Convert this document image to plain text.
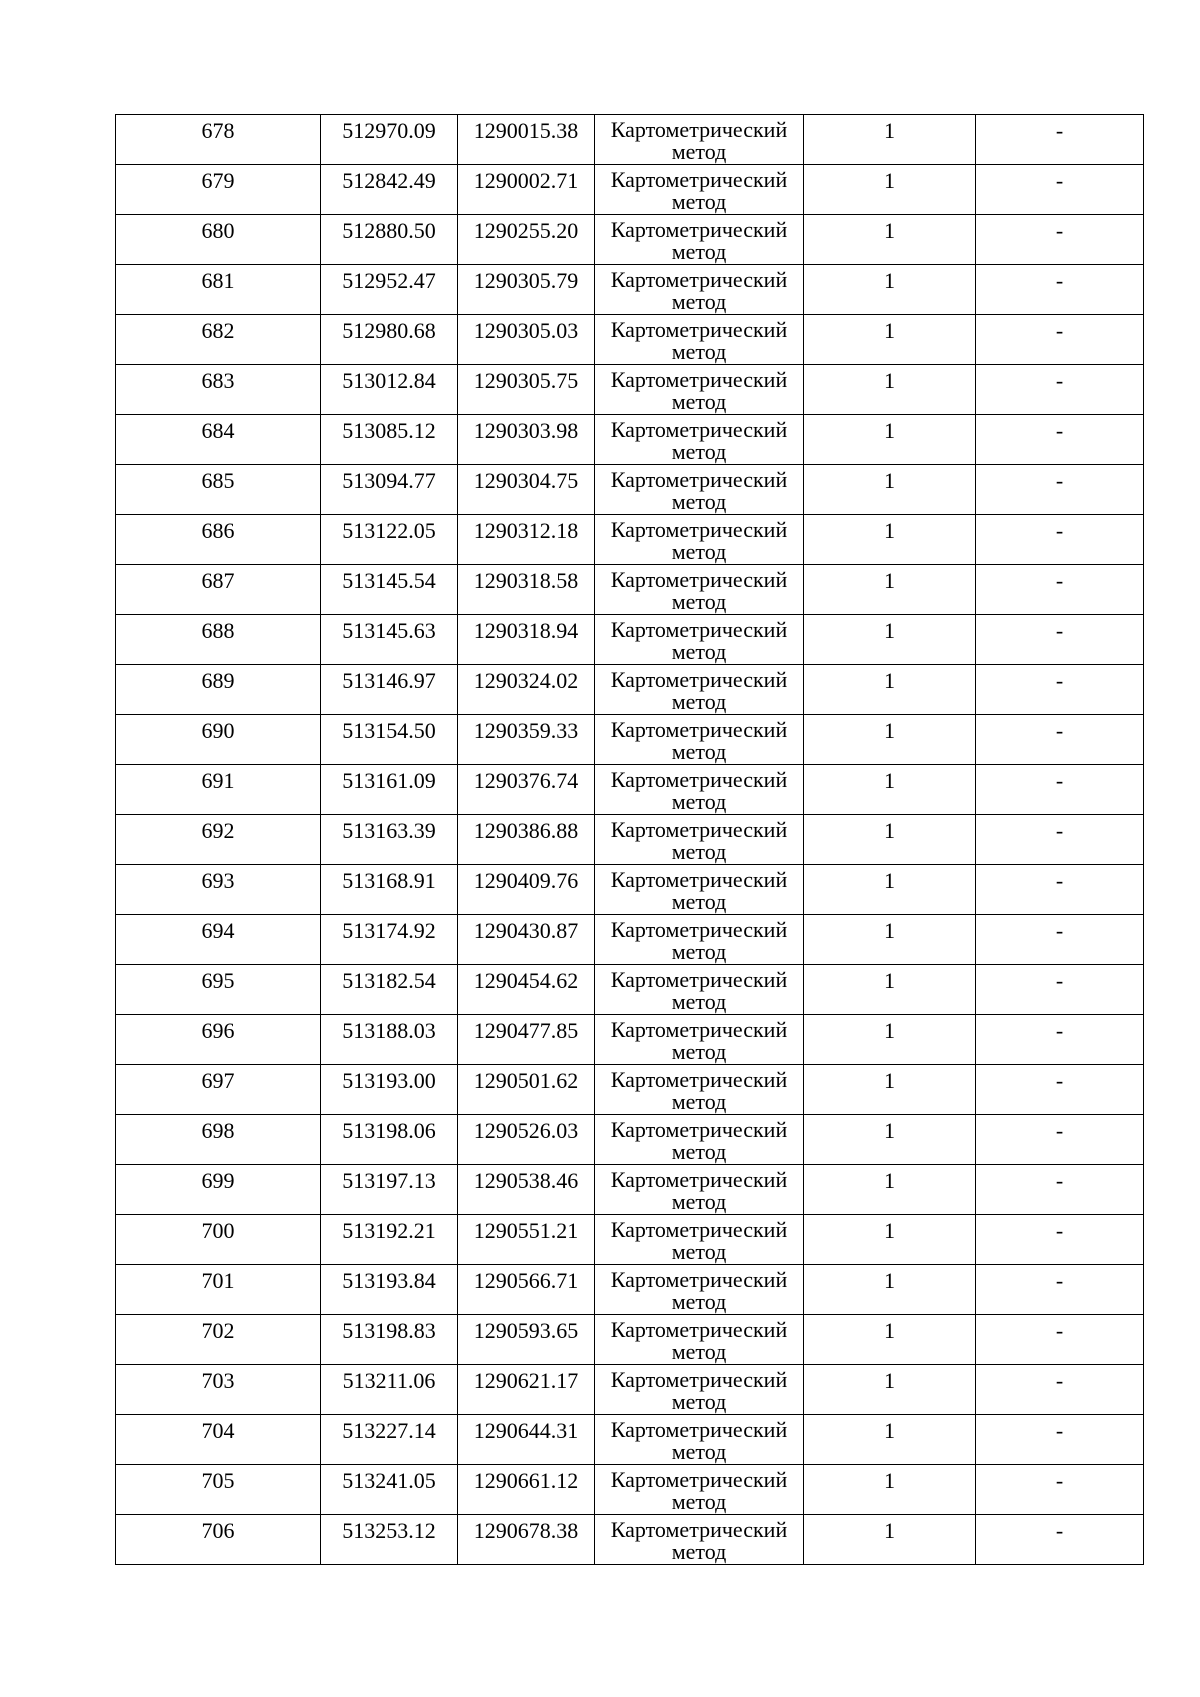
678	512970.09	1290015.38	Картометрический
метод	1	-

679	512842.49	1290002.71	Картометрический
метод	1	-

680	512880.50	1290255.20	Картометрический
метод	1	-

681	512952.47	1290305.79	Картометрический
метод	1	-

682	512980.68	1290305.03	Картометрический
метод	1	-

683	513012.84	1290305.75	Картометрический
метод	1	-

684	513085.12	1290303.98	Картометрический
метод	1	-

685	513094.77	1290304.75	Картометрический
метод	1	-

686	513122.05	1290312.18	Картометрический
метод	1	-

687	513145.54	1290318.58	Картометрический
метод	1	-

688	513145.63	1290318.94	Картометрический
метод	1	-

689	513146.97	1290324.02	Картометрический
метод	1	-

690	513154.50	1290359.33	Картометрический
метод	1	-

691	513161.09	1290376.74	Картометрический
метод	1	-

692	513163.39	1290386.88	Картометрический
метод	1	-

693	513168.91	1290409.76	Картометрический
метод	1	-

694	513174.92	1290430.87	Картометрический
метод	1	-

695	513182.54	1290454.62	Картометрический
метод	1	-

696	513188.03	1290477.85	Картометрический
метод	1	-

697	513193.00	1290501.62	Картометрический
метод	1	-

698	513198.06	1290526.03	Картометрический
метод	1	-

699	513197.13	1290538.46	Картометрический
метод	1	-

700	513192.21	1290551.21	Картометрический
метод	1	-

701	513193.84	1290566.71	Картометрический
метод	1	-

702	513198.83	1290593.65	Картометрический
метод	1	-

703	513211.06	1290621.17	Картометрический
метод	1	-

704	513227.14	1290644.31	Картометрический
метод	1	-

705	513241.05	1290661.12	Картометрический
метод	1	-

706	513253.12	1290678.38	Картометрический
метод	1	-
